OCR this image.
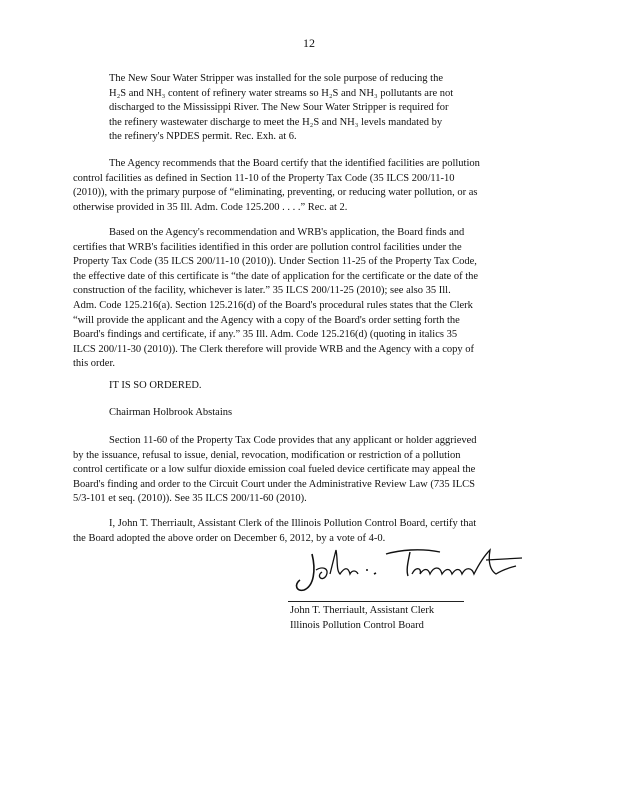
12
The New Sour Water Stripper was installed for the sole purpose of reducing the
H₂S and NH₃ content of refinery water streams so H₂S and NH₃ pollutants are not
discharged to the Mississippi River. The New Sour Water Stripper is required for
the refinery wastewater discharge to meet the H₂S and NH₃ levels mandated by
the refinery's NPDES permit. Rec. Exh. at 6.
The Agency recommends that the Board certify that the identified facilities are pollution
control facilities as defined in Section 11-10 of the Property Tax Code (35 ILCS 200/11-10
(2010)), with the primary purpose of “eliminating, preventing, or reducing water pollution, or as
otherwise provided in 35 Ill. Adm. Code 125.200 . . . .” Rec. at 2.
Based on the Agency's recommendation and WRB's application, the Board finds and
certifies that WRB's facilities identified in this order are pollution control facilities under the
Property Tax Code (35 ILCS 200/11-10 (2010)). Under Section 11-25 of the Property Tax Code,
the effective date of this certificate is “the date of application for the certificate or the date of the
construction of the facility, whichever is later.” 35 ILCS 200/11-25 (2010); see also 35 Ill.
Adm. Code 125.216(a). Section 125.216(d) of the Board's procedural rules states that the Clerk
“will provide the applicant and the Agency with a copy of the Board's order setting forth the
Board's findings and certificate, if any.” 35 Ill. Adm. Code 125.216(d) (quoting in italics 35
ILCS 200/11-30 (2010)). The Clerk therefore will provide WRB and the Agency with a copy of
this order.
IT IS SO ORDERED.
Chairman Holbrook Abstains
Section 11-60 of the Property Tax Code provides that any applicant or holder aggrieved
by the issuance, refusal to issue, denial, revocation, modification or restriction of a pollution
control certificate or a low sulfur dioxide emission coal fueled device certificate may appeal the
Board's finding and order to the Circuit Court under the Administrative Review Law (735 ILCS
5/3-101 et seq. (2010)). See 35 ILCS 200/11-60 (2010).
I, John T. Therriault, Assistant Clerk of the Illinois Pollution Control Board, certify that
the Board adopted the above order on December 6, 2012, by a vote of 4-0.
John T. Therriault, Assistant Clerk
Illinois Pollution Control Board
